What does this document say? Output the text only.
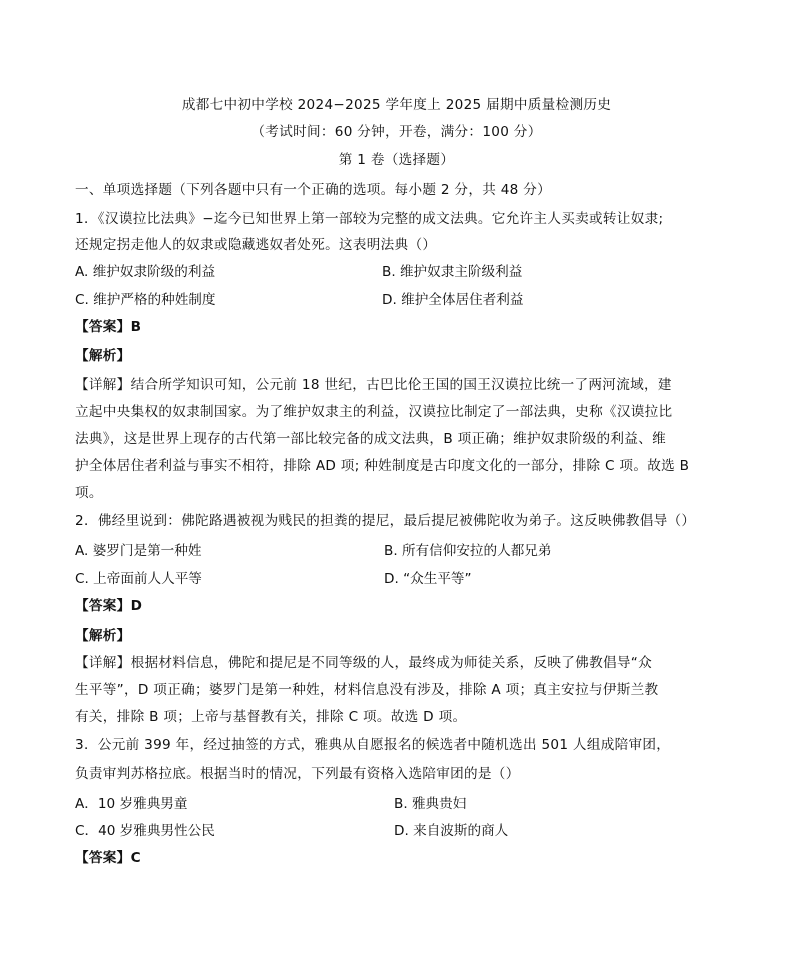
成都七中初中学校 2024−2025 学年度上 2025 届期中质量检测历史
（考试时间：60 分钟，开卷，满分：100 分）
第 1 卷（选择题）
一、单项选择题（下列各题中只有一个正确的选项。每小题 2 分，共 48 分）
1．《汉谟拉比法典》−迄今已知世界上第一部较为完整的成文法典。它允许主人买卖或转让奴隶;
还规定拐走他人的奴隶或隐藏逃奴者处死。这表明法典（）
A. 维护奴隶阶级的利益	B. 维护奴隶主阶级利益
C. 维护严格的种姓制度	D. 维护全体居住者利益
【答案】B
【解析】
【详解】结合所学知识可知，公元前 18 世纪，古巴比伦王国的国王汉谟拉比统一了两河流域，建
立起中央集权的奴隶制国家。为了维护奴隶主的利益，汉谟拉比制定了一部法典，史称《汉谟拉比
法典》，这是世界上现存的古代第一部比较完备的成文法典，B 项正确；维护奴隶阶级的利益、维
护全体居住者利益与事实不相符，排除 AD 项; 种姓制度是古印度文化的一部分，排除 C 项。故选 B
项。
2．佛经里说到：佛陀路遇被视为贱民的担粪的提尼，最后提尼被佛陀收为弟子。这反映佛教倡导（）
A. 婆罗门是第一种姓	B. 所有信仰安拉的人都兄弟
C. 上帝面前人人平等	D. “众生平等”
【答案】D
【解析】
【详解】根据材料信息，佛陀和提尼是不同等级的人，最终成为师徒关系，反映了佛教倡导“众
生平等”，D 项正确；婆罗门是第一种姓，材料信息没有涉及，排除 A 项；真主安拉与伊斯兰教
有关，排除 B 项；上帝与基督教有关，排除 C 项。故选 D 项。
3．公元前 399 年，经过抽签的方式，雅典从自愿报名的候选者中随机选出 501 人组成陪审团，
负责审判苏格拉底。根据当时的情况，下列最有资格入选陪审团的是（）
A．10 岁雅典男童	B. 雅典贵妇
C．40 岁雅典男性公民	D. 来自波斯的商人
【答案】C
